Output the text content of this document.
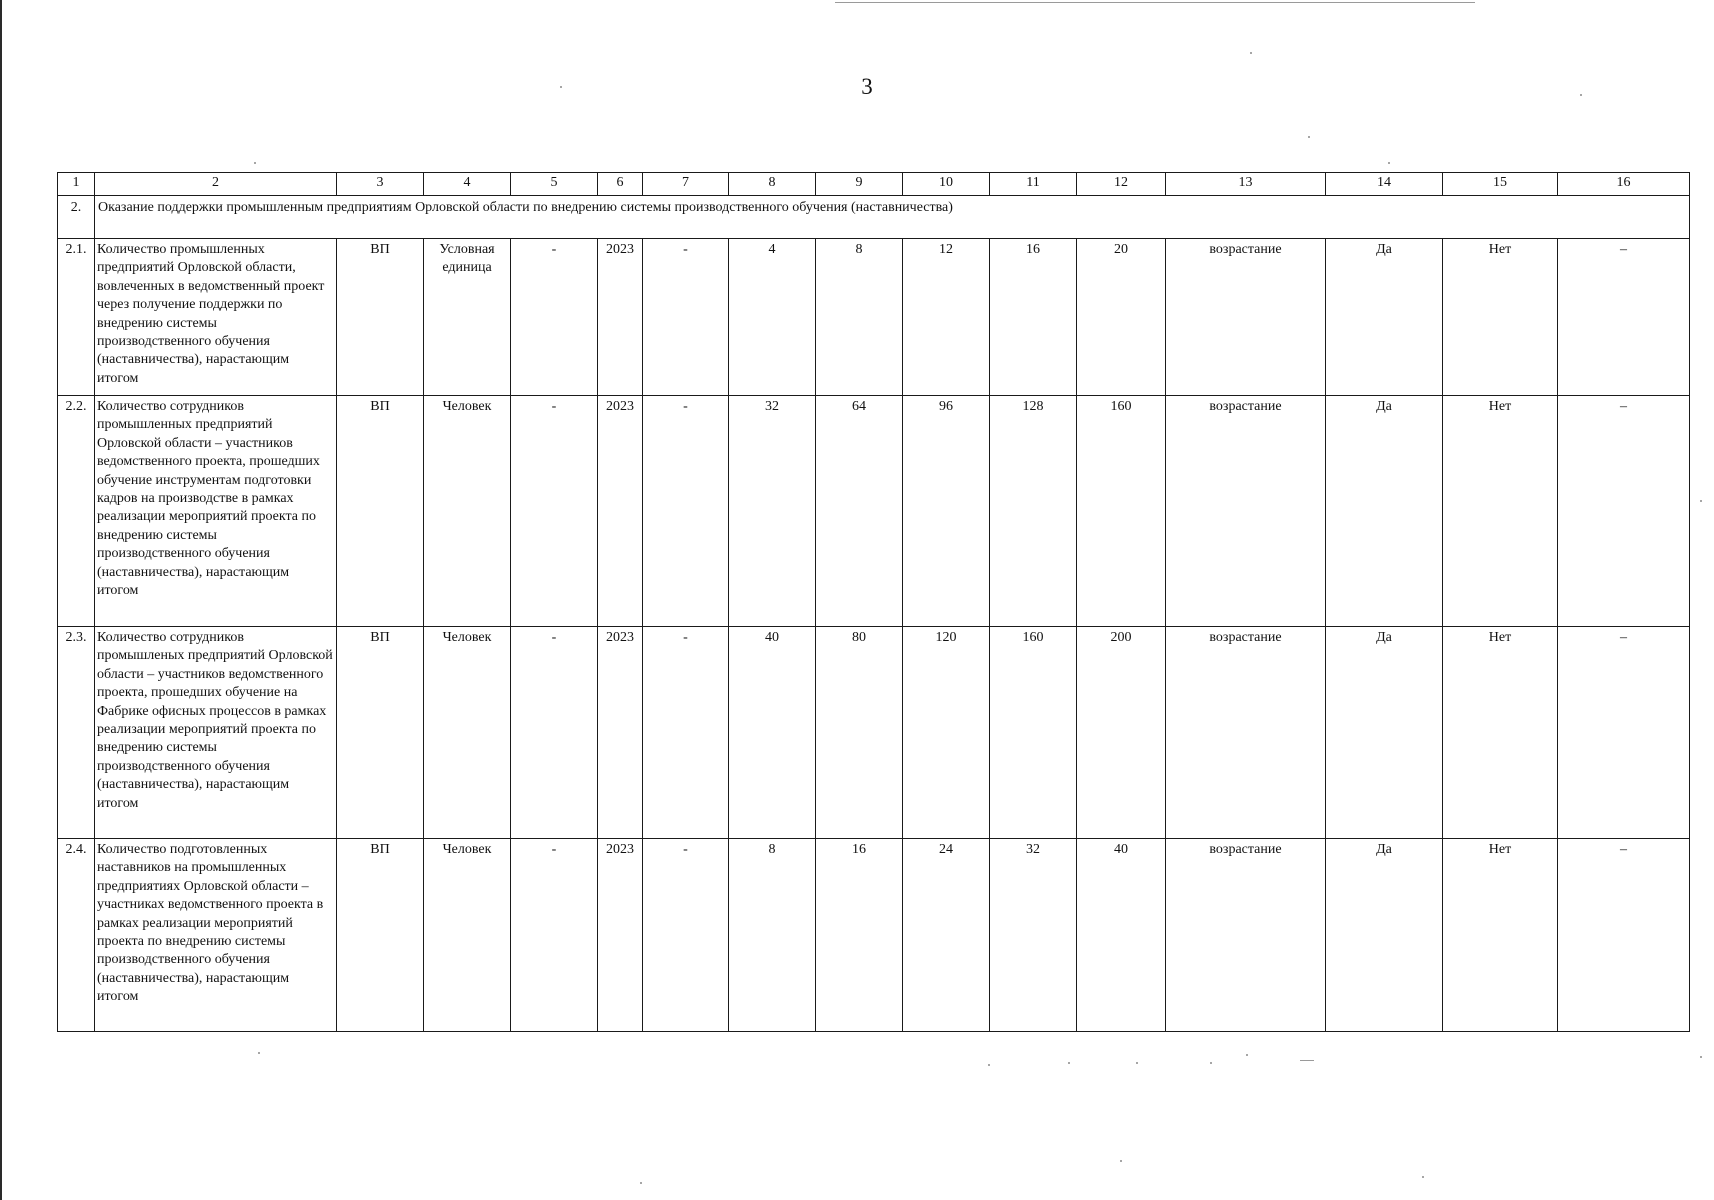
3
1	2	3	4	5	6	7	8	9	10	11	12	13	14	15	16
2.	Оказание поддержки промышленным предприятиям Орловской области по внедрению системы производственного обучения (наставничества)														
2.1.	Количество промышленных предприятий Орловской области, вовлеченных в ведомственный проект через получение поддержки по внедрению системы производственного обучения (наставничества), нарастающим итогом	ВП	Условная единица	-	2023	-	4	8	12	16	20	возрастание	Да	Нет	–
2.2.	Количество сотрудников промышленных предприятий Орловской области – участников ведомственного проекта, прошедших обучение инструментам подготовки кадров на производстве в рамках реализации мероприятий проекта по внедрению системы производственного обучения (наставничества), нарастающим итогом	ВП	Человек	-	2023	-	32	64	96	128	160	возрастание	Да	Нет	–
2.3.	Количество сотрудников промышленых предприятий Орловской области – участников ведомственного проекта, прошедших обучение на Фабрике офисных процессов в рамках реализации мероприятий проекта по внедрению системы производственного обучения (наставничества), нарастающим итогом	ВП	Человек	-	2023	-	40	80	120	160	200	возрастание	Да	Нет	–
2.4.	Количество подготовленных наставников на промышленных предприятиях Орловской области – участниках ведомственного проекта в рамках реализации мероприятий проекта по внедрению системы производственного обучения (наставничества), нарастающим итогом	ВП	Человек	-	2023	-	8	16	24	32	40	возрастание	Да	Нет	–
